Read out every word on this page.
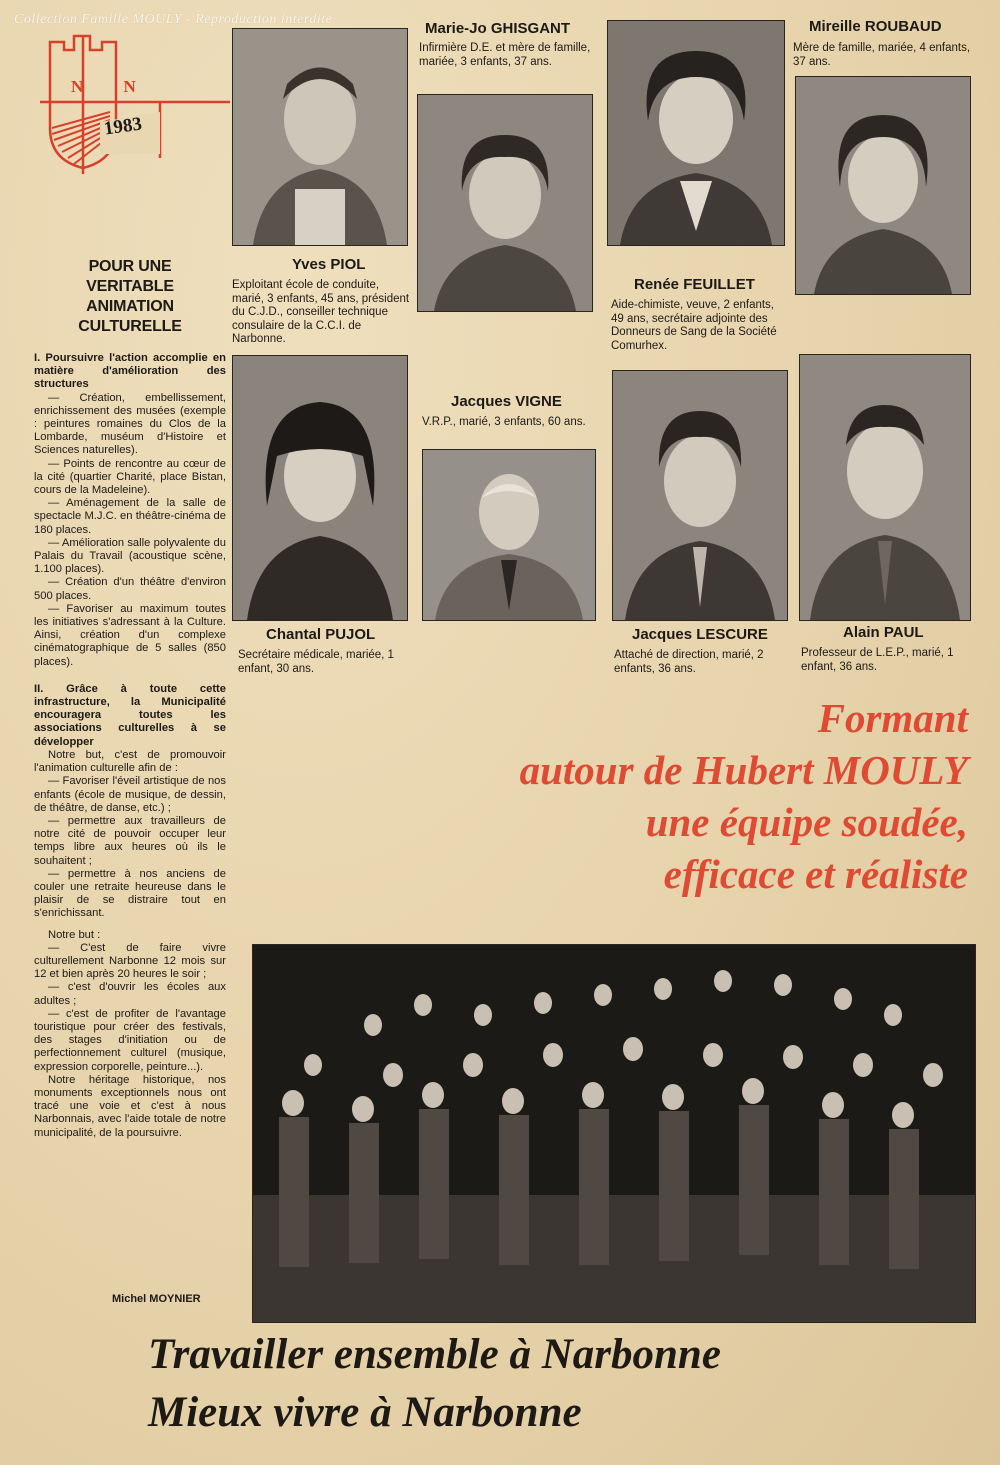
Collection Famille MOULY - Reproduction interdite
N N
1983
POUR UNE
VERITABLE
ANIMATION
CULTURELLE

I. Poursuivre l'action accomplie en matière d'amélioration des structures

— Création, embellissement, enrichissement des musées (exemple : peintures romaines du Clos de la Lombarde, muséum d'Histoire et Sciences naturelles).

— Points de rencontre au cœur de la cité (quartier Charité, place Bistan, cours de la Madeleine).

— Aménagement de la salle de spectacle M.J.C. en théâtre-cinéma de 180 places.

— Amélioration salle polyvalente du Palais du Travail (acoustique scène, 1.100 places).

— Création d'un théâtre d'environ 500 places.

— Favoriser au maximum toutes les initiatives s'adressant à la Culture. Ainsi, création d'un complexe cinématographique de 5 salles (850 places).

II. Grâce à toute cette infrastructure, la Municipalité encouragera toutes les associations culturelles à se développer

Notre but, c'est de promouvoir l'animation culturelle afin de :

— Favoriser l'éveil artistique de nos enfants (école de musique, de dessin, de théâtre, de danse, etc.) ;

— permettre aux travailleurs de notre cité de pouvoir occuper leur temps libre aux heures où ils le souhaitent ;

— permettre à nos anciens de couler une retraite heureuse dans le plaisir de se distraire tout en s'enrichissant.

Notre but :

— C'est de faire vivre culturellement Narbonne 12 mois sur 12 et bien après 20 heures le soir ;

— c'est d'ouvrir les écoles aux adultes ;

— c'est de profiter de l'avantage touristique pour créer des festivals, des stages d'initiation ou de perfectionnement culturel (musique, expression corporelle, peinture...).

Notre héritage historique, nos monuments exceptionnels nous ont tracé une voie et c'est à nous Narbonnais, avec l'aide totale de notre municipalité, de la poursuivre.

Michel MOYNIER
Yves PIOL
Exploitant école de conduite, marié, 3 enfants, 45 ans, président du C.J.D., conseiller technique consulaire de la C.C.I. de Narbonne.
Marie-Jo GHISGANT
Infirmière D.E. et mère de famille, mariée, 3 enfants, 37 ans.
Renée FEUILLET
Aide-chimiste, veuve, 2 enfants, 49 ans, secrétaire adjointe des Donneurs de Sang de la Société Comurhex.
Mireille ROUBAUD
Mère de famille, mariée, 4 enfants, 37 ans.
Chantal PUJOL
Secrétaire médicale, mariée, 1 enfant, 30 ans.
Jacques VIGNE
V.R.P., marié, 3 enfants, 60 ans.
Jacques LESCURE
Attaché de direction, marié, 2 enfants, 36 ans.
Alain PAUL
Professeur de L.E.P., marié, 1 enfant, 36 ans.
Formant
autour de Hubert MOULY
une équipe soudée,
efficace et réaliste
Travailler ensemble à Narbonne
Mieux vivre à Narbonne
